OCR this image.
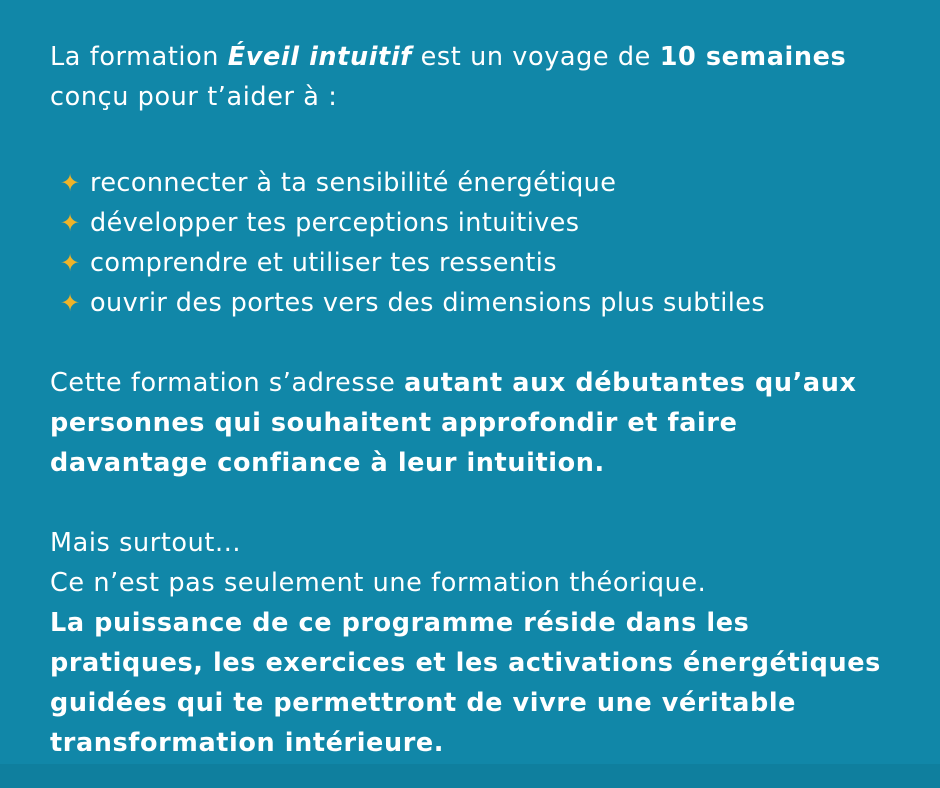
La formation Éveil intuitif est un voyage de 10 semaines conçu pour t’aider à :

✦ reconnecter à ta sensibilité énergétique
✦ développer tes perceptions intuitives
✦ comprendre et utiliser tes ressentis
✦ ouvrir des portes vers des dimensions plus subtiles

Cette formation s’adresse autant aux débutantes qu’aux personnes qui souhaitent approfondir et faire davantage confiance à leur intuition.

Mais surtout...
Ce n’est pas seulement une formation théorique.
La puissance de ce programme réside dans les pratiques, les exercices et les activations énergétiques guidées qui te permettront de vivre une véritable transformation intérieure.
